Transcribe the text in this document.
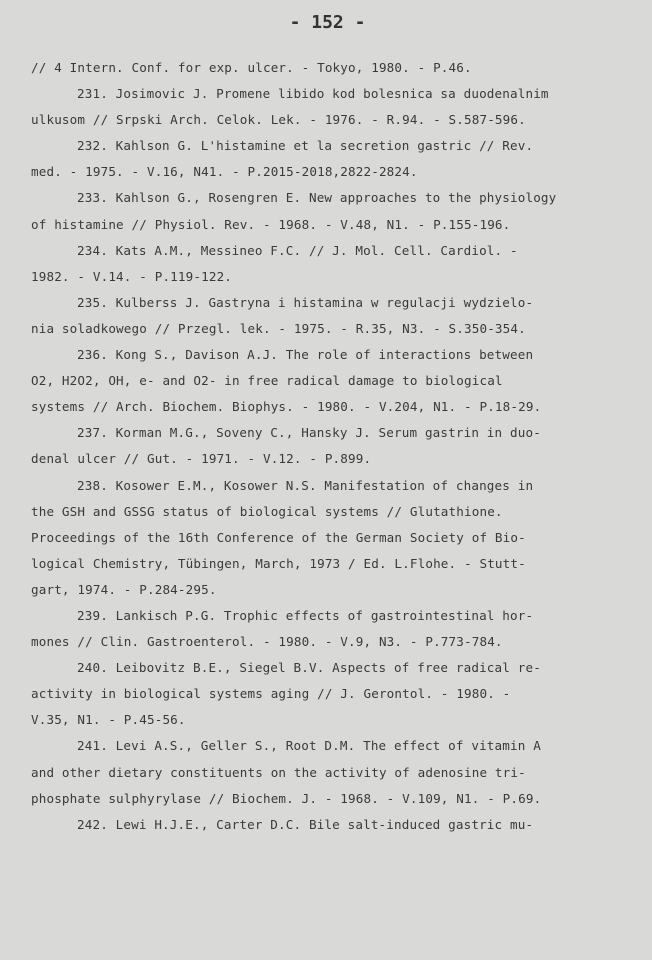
- 152 -
// 4 Intern. Conf. for exp. ulcer. - Tokyo, 1980. - P.46.
231. Josimovic J. Promene libido kod bolesnica sa duodenalnim
ulkusom // Srpski Arch. Celok. Lek. - 1976. - R.94. - S.587-596.
232. Kahlson G. L'histamine et la secretion gastric // Rev.
med. - 1975. - V.16, N41. - P.2015-2018,2822-2824.
233. Kahlson G., Rosengren E. New approaches to the physiology
of histamine // Physiol. Rev. - 1968. - V.48, N1. - P.155-196.
234. Kats A.M., Messineo F.C. // J. Mol. Cell. Cardiol. -
1982. - V.14. - P.119-122.
235. Kulberss J. Gastryna i histamina w regulacji wydzielo-
nia soladkowego // Przegl. lek. - 1975. - R.35, N3. - S.350-354.
236. Kong S., Davison A.J. The role of interactions between
O2, H2O2, OH, e- and O2- in free radical damage to biological
systems // Arch. Biochem. Biophys. - 1980. - V.204, N1. - P.18-29.
237. Korman M.G., Soveny C., Hansky J. Serum gastrin in duo-
denal ulcer // Gut. - 1971. - V.12. - P.899.
238. Kosower E.M., Kosower N.S. Manifestation of changes in
the GSH and GSSG status of biological systems // Glutathione.
Proceedings of the 16th Conference of the German Society of Bio-
logical Chemistry, Tübingen, March, 1973 / Ed. L.Flohe. - Stutt-
gart, 1974. - P.284-295.
239. Lankisch P.G. Trophic effects of gastrointestinal hor-
mones // Clin. Gastroenterol. - 1980. - V.9, N3. - P.773-784.
240. Leibovitz B.E., Siegel B.V. Aspects of free radical re-
activity in biological systems aging // J. Gerontol. - 1980. -
V.35, N1. - P.45-56.
241. Levi A.S., Geller S., Root D.M. The effect of vitamin A
and other dietary constituents on the activity of adenosine tri-
phosphate sulphyrylase // Biochem. J. - 1968. - V.109, N1. - P.69.
242. Lewi H.J.E., Carter D.C. Bile salt-induced gastric mu-
